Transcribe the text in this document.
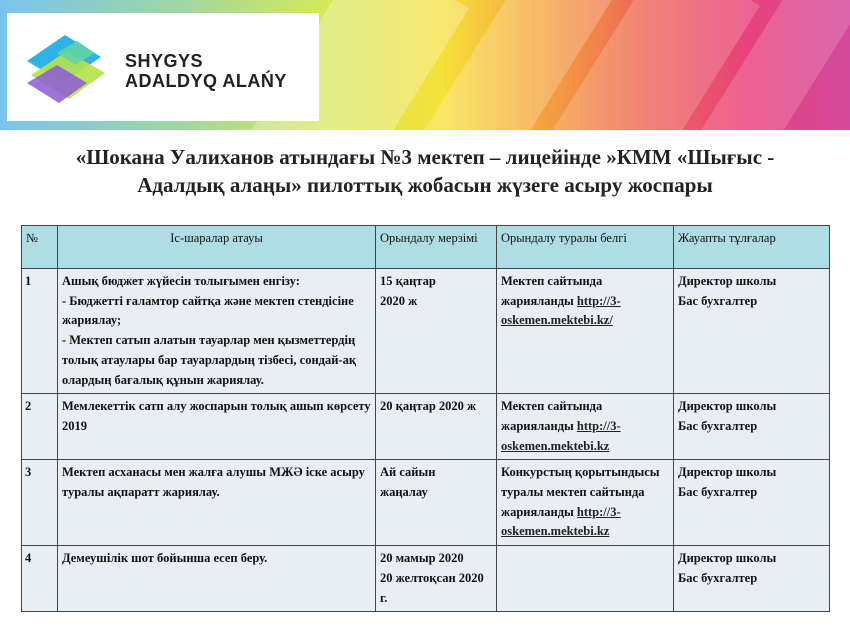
SHYGYS
ADALDYQ ALAŃY
«Шокана Уалиханов атындағы №3 мектеп – лицейінде »КММ «Шығыс -
Адалдық алаңы» пилоттық жобасын жүзеге асыру жоспары
№	Іс-шаралар атауы	Орындалу мерзімі	Орындалу туралы белгі	Жауапты тұлғалар
1	Ашық бюджет жүйесін толығымен енгізу:
- Бюджетті ғаламтор сайтқа және мектеп стендісіне жариялау;
- Мектеп сатып алатын тауарлар мен қызметтердің толық атаулары бар тауарлардың тізбесі, сондай-ақ олардың бағалық құнын жариялау.	15 қаңтар
2020 ж	Мектеп сайтында жарияланды http://3-oskemen.mektebi.kz/	Директор школы
Бас бухгалтер

2	Мемлекеттік сатп алу жоспарын толық ашып көрсету 2019	20 қаңтар 2020 ж	Мектеп сайтында жарияланды http://3-oskemen.mektebi.kz	Директор школы
Бас бухгалтер

3	Мектеп асханасы мен жалға алушы МЖӘ іске асыру туралы ақпаратт жариялау.	Ай сайын
жаңалау	Конкурстың қорытындысы туралы мектеп сайтында жарияланды http://3-oskemen.mektebi.kz	Директор школы
Бас бухгалтер

4	Демеушілік шот бойынша есеп беру.	20 мамыр 2020
20 желтоқсан 2020 г.		Директор школы
Бас бухгалтер
